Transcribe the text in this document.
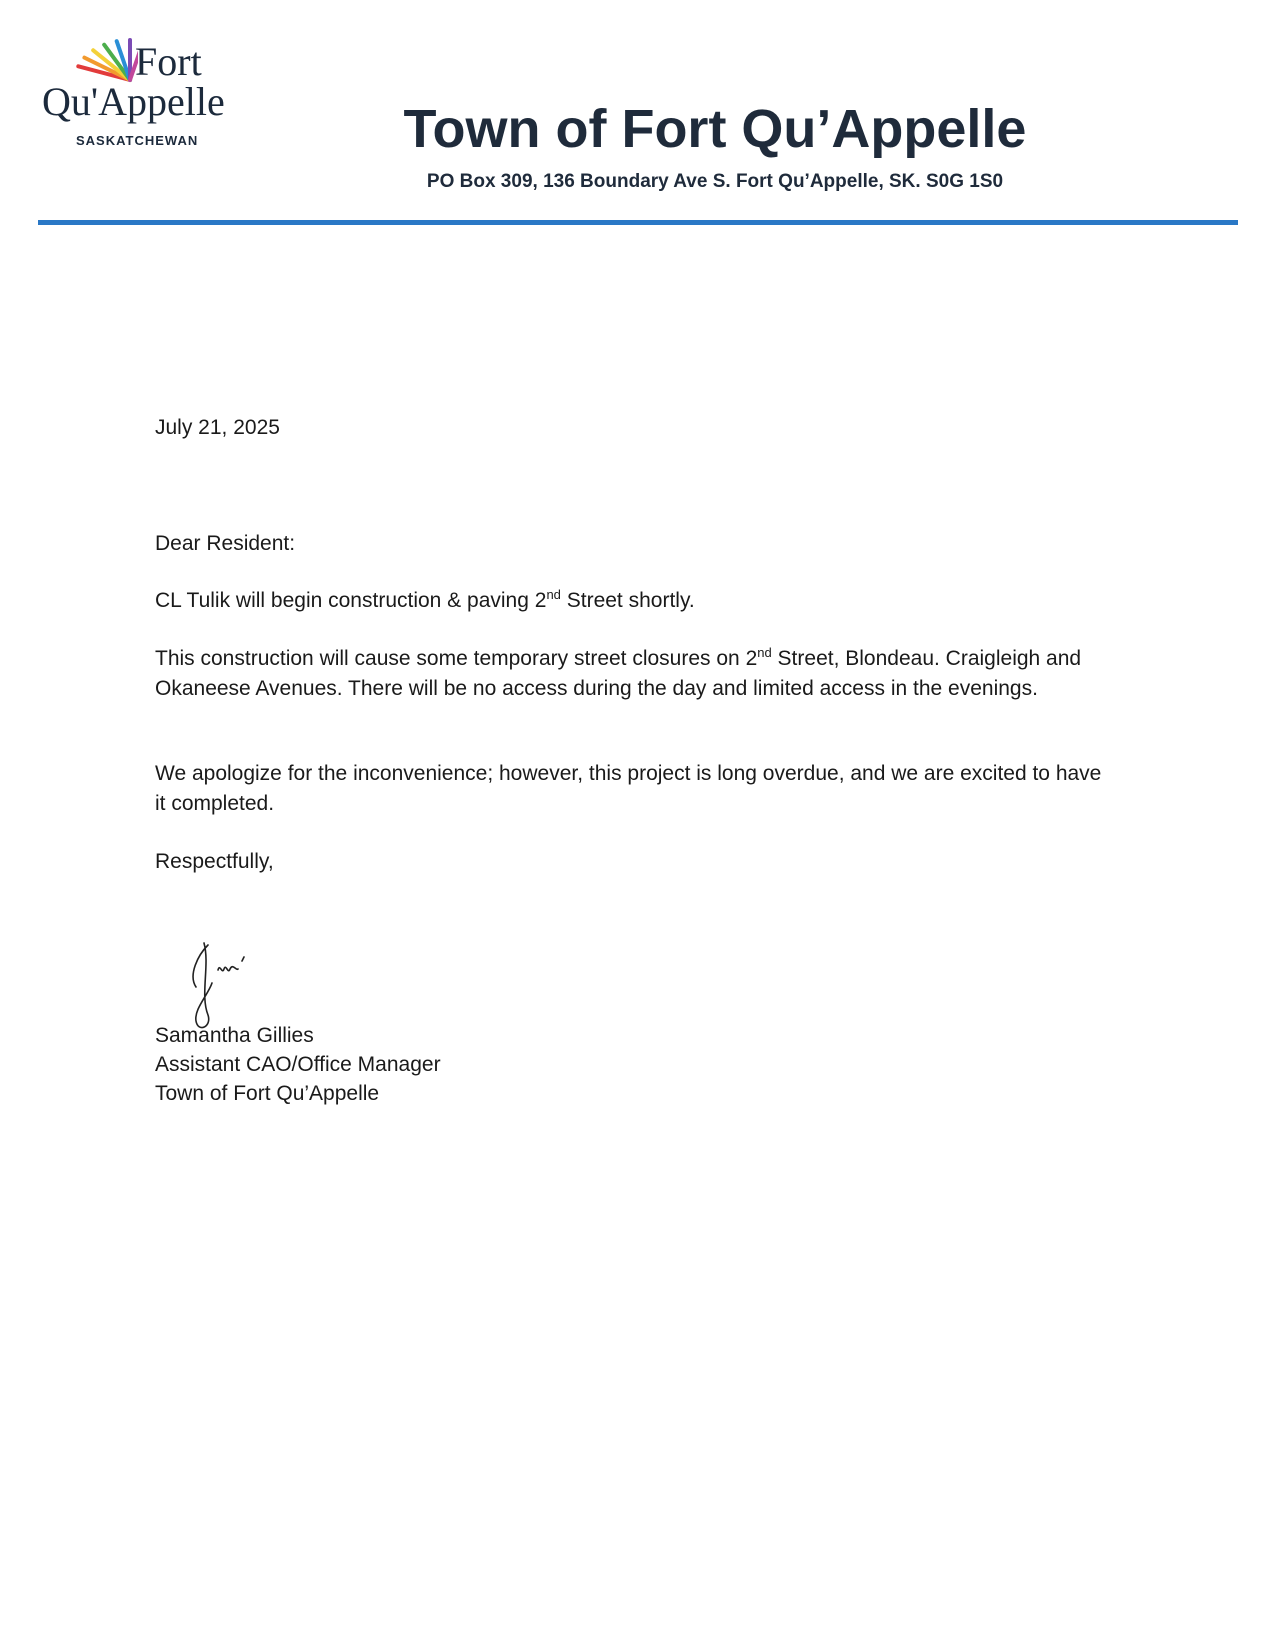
Fort
Qu'Appelle
SASKATCHEWAN	Town of Fort Qu’Appelle
PO Box 309, 136 Boundary Ave S. Fort Qu’Appelle, SK. S0G 1S0

July 21, 2025

Dear Resident:

CL Tulik will begin construction & paving 2nd Street shortly.

This construction will cause some temporary street closures on 2nd Street, Blondeau. Craigleigh and Okaneese Avenues. There will be no access during the day and limited access in the evenings.

We apologize for the inconvenience; however, this project is long overdue, and we are excited to have it completed.

Respectfully,

Samantha Gillies

Assistant CAO/Office Manager

Town of Fort Qu’Appelle
